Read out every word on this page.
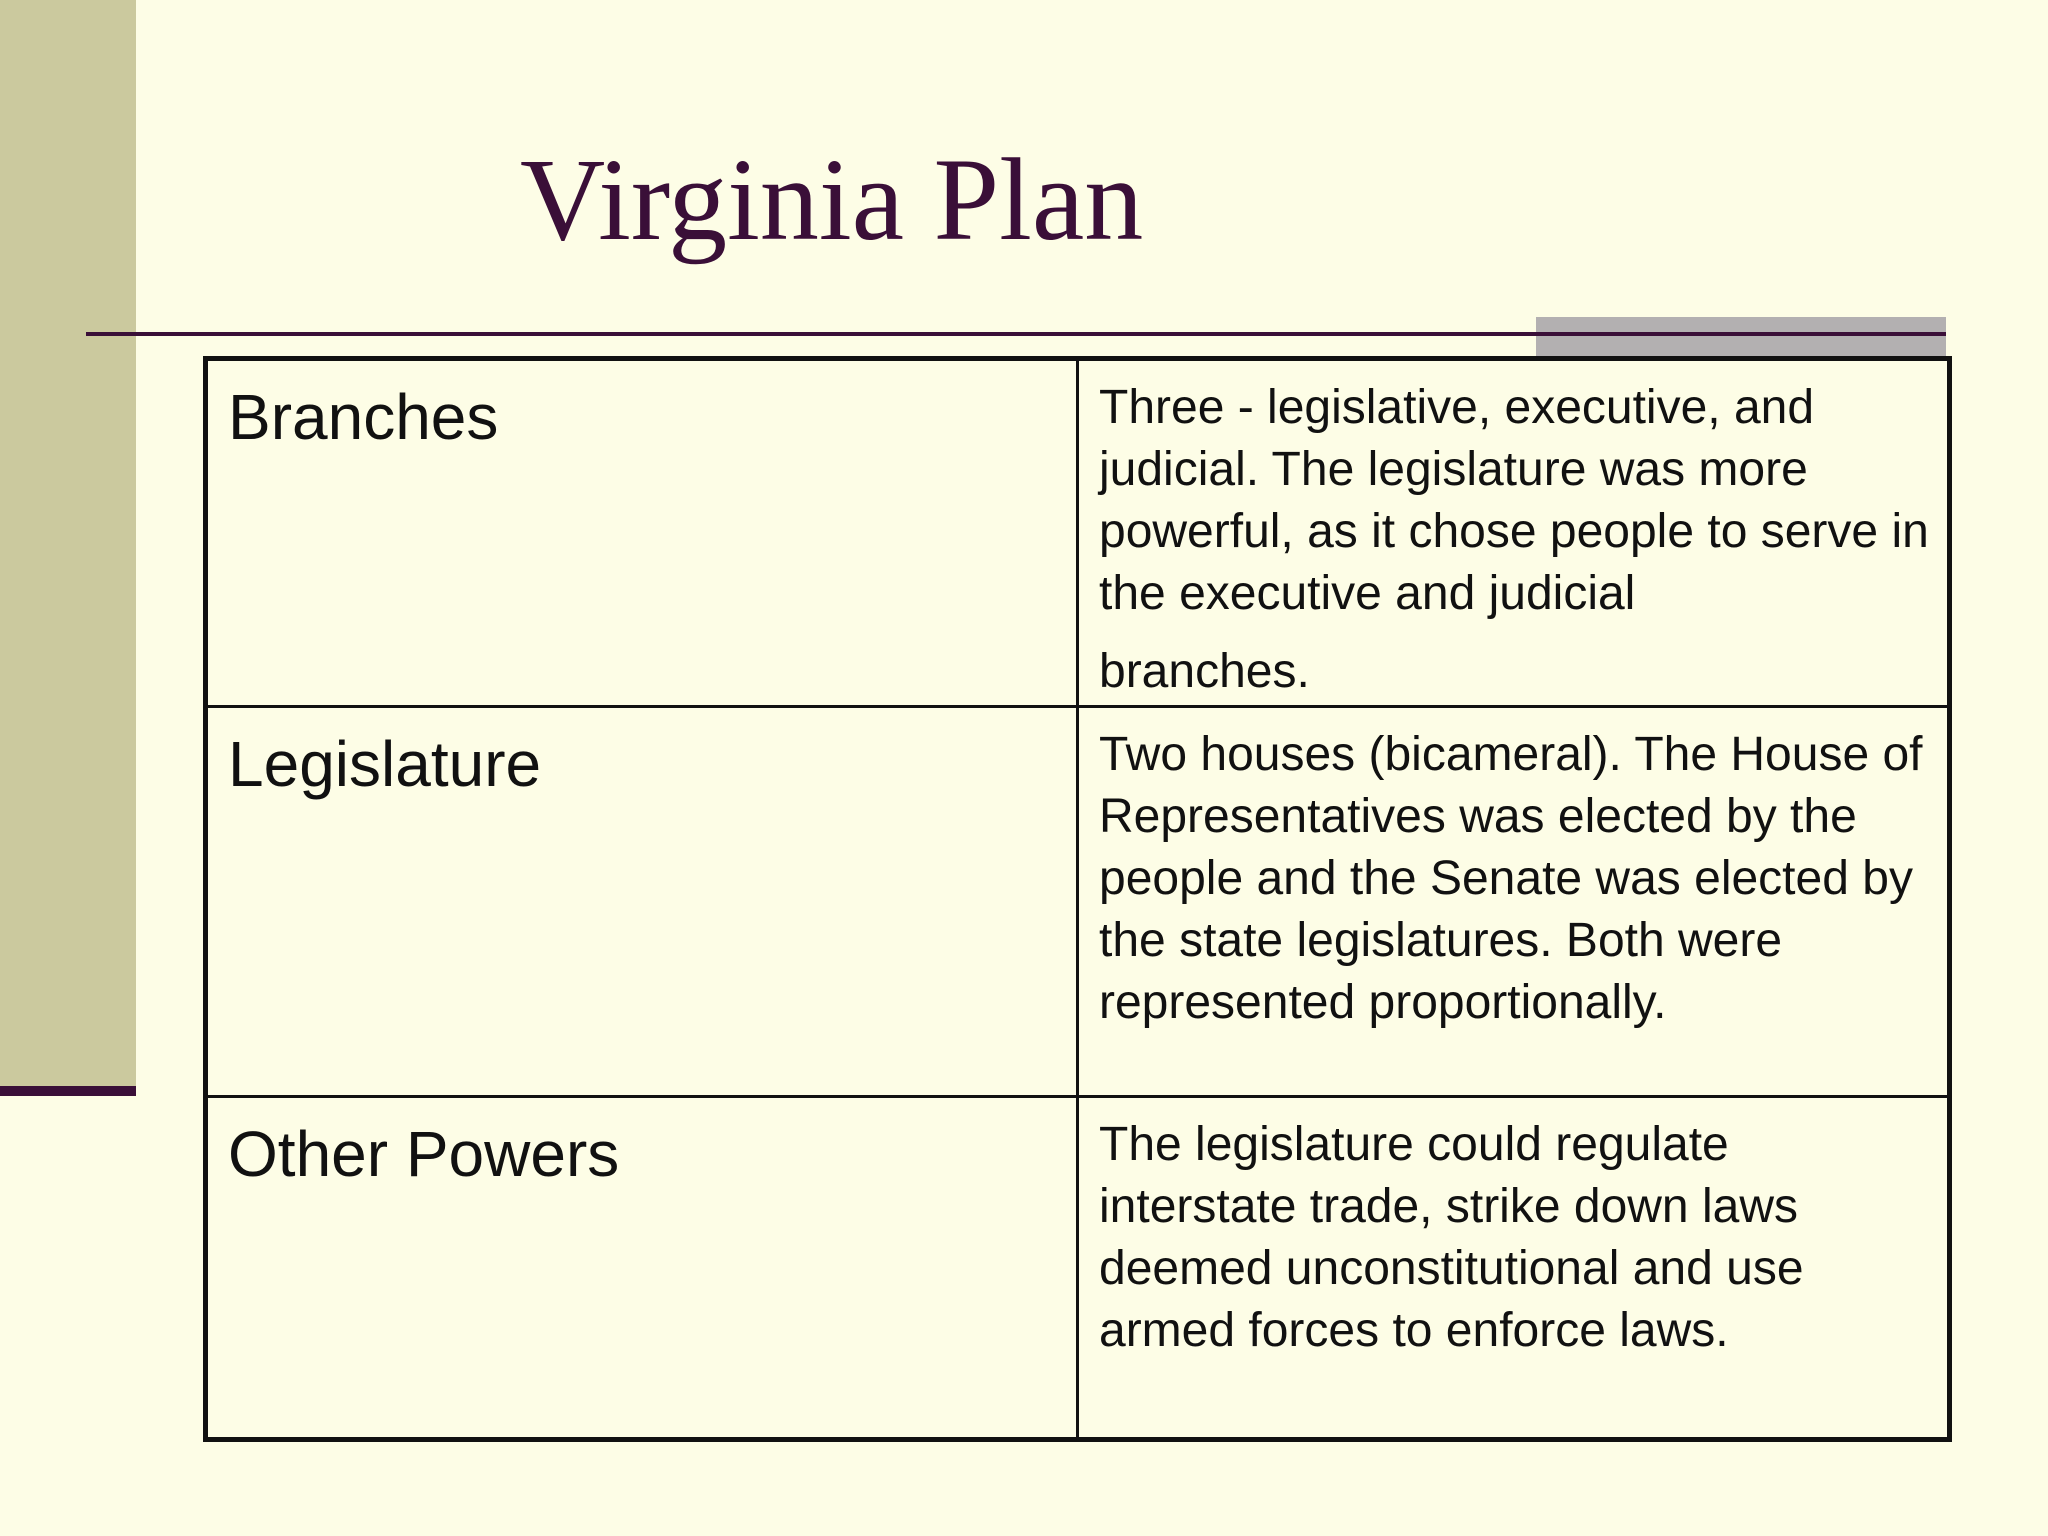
Virginia Plan
Branches	Three - legislative, executive, and judicial. The legislature was more powerful, as it chose people to serve in the executive and judicial
branches.

Legislature	Two houses (bicameral). The House of Representatives was elected by the people and the Senate was elected by the state legislatures. Both were represented proportionally.
Other Powers	The legislature could regulate interstate trade, strike down laws deemed unconstitutional and use armed forces to enforce laws.
